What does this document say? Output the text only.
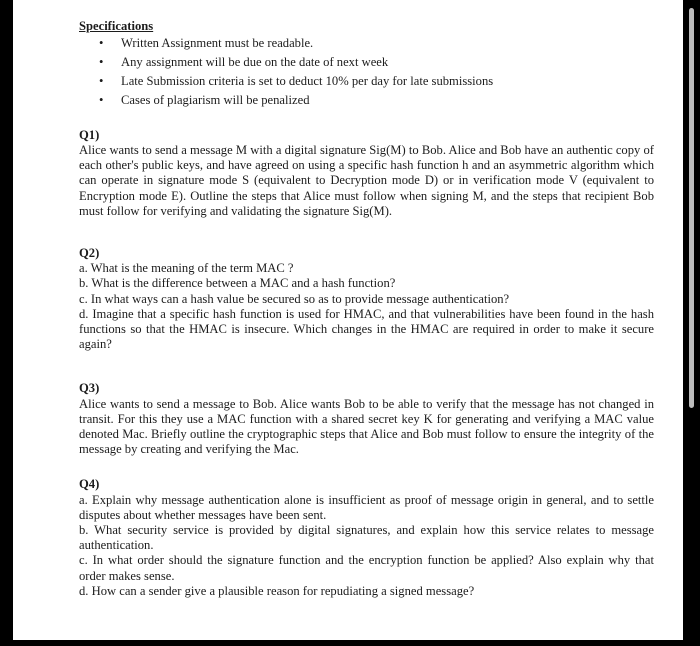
Specifications
• Written Assignment must be readable.
• Any assignment will be due on the date of next week
• Late Submission criteria is set to deduct 10% per day for late submissions
• Cases of plagiarism will be penalized
Q1)
Alice wants to send a message M with a digital signature Sig(M) to Bob. Alice and Bob have an authentic copy of each other's public keys, and have agreed on using a specific hash function h and an asymmetric algorithm which can operate in signature mode S (equivalent to Decryption mode D) or in verification mode V (equivalent to Encryption mode E). Outline the steps that Alice must follow when signing M, and the steps that recipient Bob must follow for verifying and validating the signature Sig(M).
Q2)
a. What is the meaning of the term MAC ?
b. What is the difference between a MAC and a hash function?
c. In what ways can a hash value be secured so as to provide message authentication?
d. Imagine that a specific hash function is used for HMAC, and that vulnerabilities have been found in the hash functions so that the HMAC is insecure. Which changes in the HMAC are required in order to make it secure again?
Q3)
Alice wants to send a message to Bob. Alice wants Bob to be able to verify that the message has not changed in transit. For this they use a MAC function with a shared secret key K for generating and verifying a MAC value denoted Mac. Briefly outline the cryptographic steps that Alice and Bob must follow to ensure the integrity of the message by creating and verifying the Mac.
Q4)
a. Explain why message authentication alone is insufficient as proof of message origin in general, and to settle disputes about whether messages have been sent.
b. What security service is provided by digital signatures, and explain how this service relates to message authentication.
c. In what order should the signature function and the encryption function be applied? Also explain why that order makes sense.
d. How can a sender give a plausible reason for repudiating a signed message?
